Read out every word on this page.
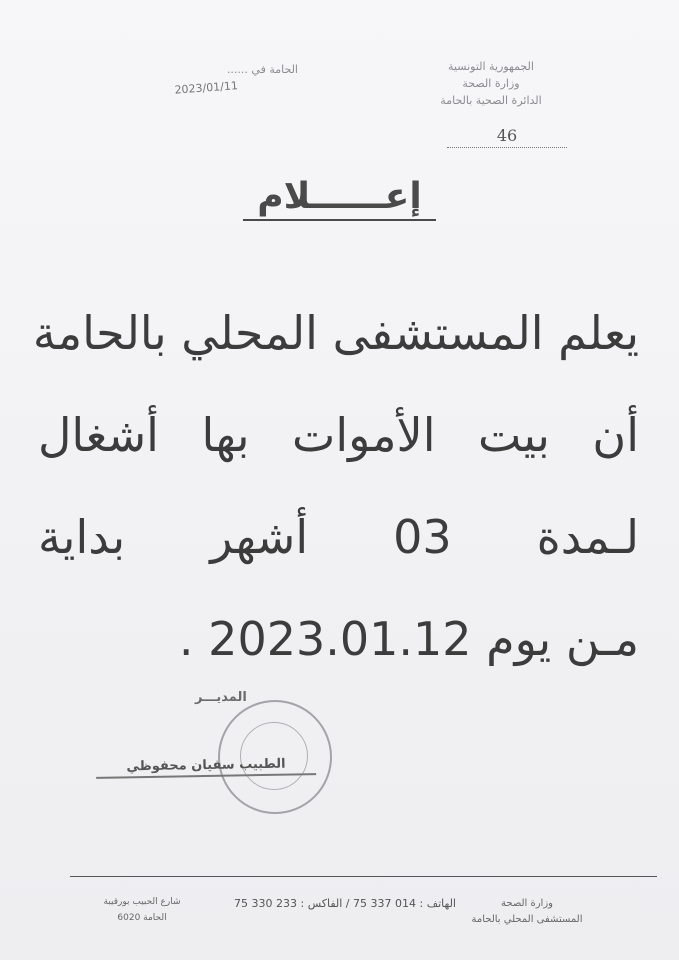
الجمهورية التونسية
وزارة الصحة
الدائرة الصحية بالحامة
46
الحامة في ......
2023/01/11
إعــــــلام
يعلم المستشفى المحلي بالحامة
أن بيت الأموات بها أشغال
لـمدة 03 أشهر بداية
مـن يوم 2023.01.12 .
المديـــر
الطبيب سفيان محفوظي
وزارة الصحة
المستشفى المحلي بالحامة
الهاتف : 014 337 75 / الفاكس : 233 330 75
شارع الحبيب بورقيبة
الحامة 6020
